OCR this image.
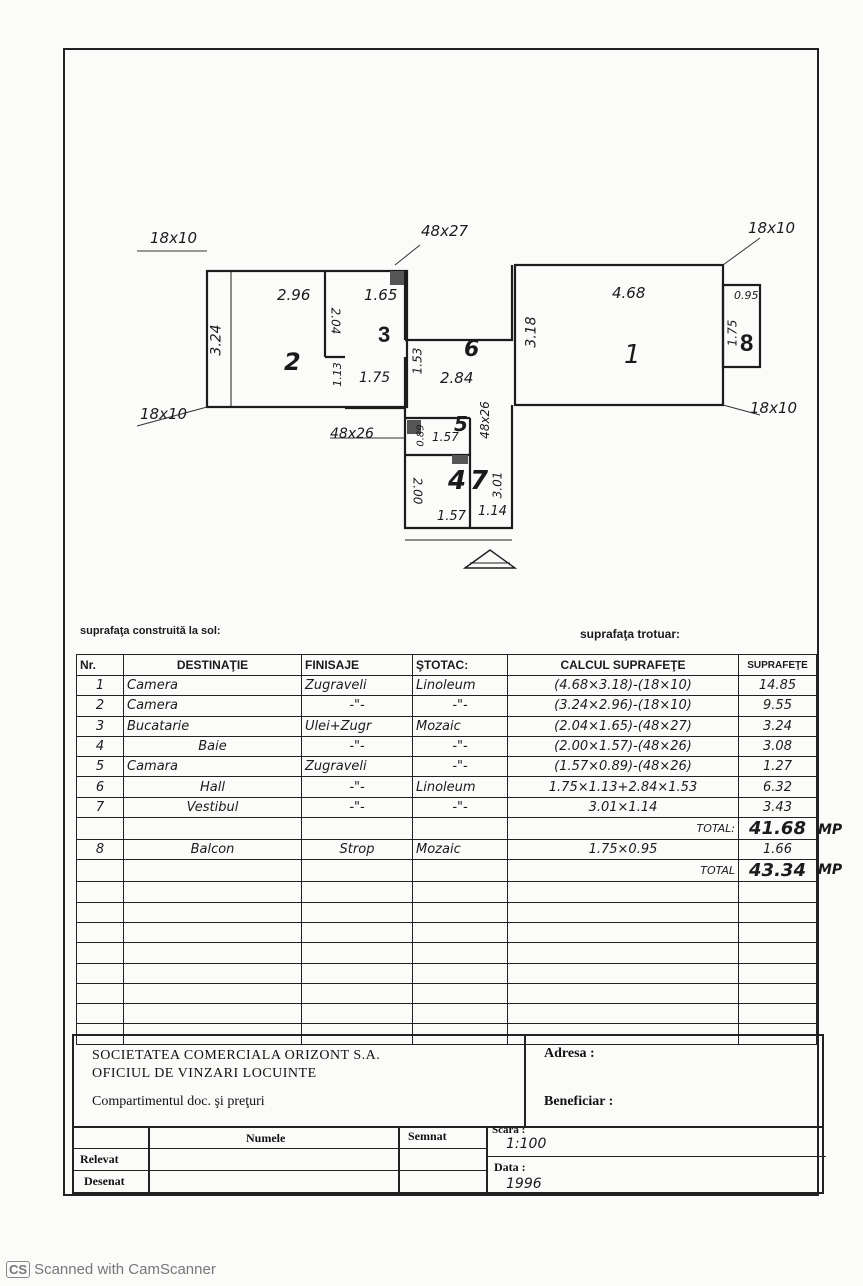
18x10	48x27	18x10
18x10	18x10
2.96	1.65	4.68	0.95
3.24
2.04	3.18	1.75
1.13 1.75
1.53
2.84
48x26	48x26
0.89 1.57
2.00	3.01
1.57 1.14
1
2
3
6
5
4 7
8
suprafaţa construită la sol:	suprafaţa trotuar:
Nr.	DESTINAŢIE	FINISAJE	ŞTOTAC:	CALCUL SUPRAFEŢE	SUPRAFEŢE
1	Camera	Zugraveli	Linoleum	(4.68×3.18)-(18×10)	14.85
2	Camera	-"-	-"-	(3.24×2.96)-(18×10)	9.55
3	Bucatarie	Ulei+Zugr	Mozaic	(2.04×1.65)-(48×27)	3.24
4	Baie	-"-	-"-	(2.00×1.57)-(48×26)	3.08
5	Camara	Zugraveli	-"-	(1.57×0.89)-(48×26)	1.27
6	Hall	-"-	Linoleum	1.75×1.13+2.84×1.53	6.32
7	Vestibul	-"-	-"-	3.01×1.14	3.43
				TOTAL:	41.68
8	Balcon	Strop	Mozaic	1.75×0.95	1.66
				TOTAL	43.34

MP
MP
SOCIETATEA COMERCIALA ORIZONT S.A.
OFICIUL DE VINZARI LOCUINTE
Compartimentul doc. şi preţuri
Adresa :
Beneficiar :
Numele	Semnat	Scara :
1:100
Data :
1996
Relevat
Desenat
CS Scanned with CamScanner
